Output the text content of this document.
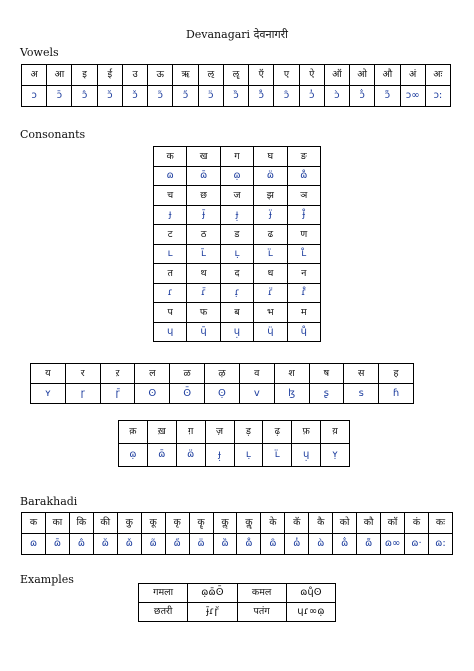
Devanagari देवनागरी
Vowels
अ	आ	इ	ई	उ	ऊ	ऋ	ऌ	ॡ	ऍ	ए	ऐ	ऑ	ओ	औ	अं	अः
ɔ	ɔ̄	ɔ̂	ɔ̆	ɔ̌	ɔ̃	ɔ̋	ɔ̈	ɔ̏	ɔ̊	ɔ̑	ɔ̓	ɔ̀	ɔ̐	ɔ̄̃	ɔ∞	ɔ:
Consonants
क	ख	ग	घ	ङ
ɷ	ɷ̄	ɷ̣	ɷ̈	ɷ̊
च	छ	ज	झ	ञ
ɟ	ɟ̄	ɟ̣	ɟ̈	ɟ̊
ट	ठ	ड	ढ	ण
ʟ	ʟ̄	ʟ̣	ʟ̈	ʟ̊
त	थ	द	ध	न
ɾ	ɾ̄	ɾ̣	ɾ̈	ɾ̊
प	फ	ब	भ	म
ɥ	ɥ̄	ɥ̣	ɥ̈	ɥ̊
य	र	ऱ	ल	ळ	ऴ	व	श	ष	स	ह
ʏ	ɼ	ɼ̄	ʘ	ʘ̄	ʘ̣	ᴠ	ɮ	ʂ	ꜱ	ɦ
क़	ख़	ग़	ज़	ड़	ढ़	फ़	य़
ɷ̣	ɷ̄	ɷ̈	ɟ̣	ʟ̣	ʟ̈	ɥ̣	ʏ̣
Barakhadi
क	का	कि	की	कु	कू	कृ	कॄ	कॢ	कॣ	के	कॅ	कै	को	कौ	कॉ	कं	कः
ɷ	ɷ̄	ɷ̂	ɷ̆	ɷ̌	ɷ̃	ɷ̋	ɷ̈	ɷ̏	ɷ̊	ɷ̑	ɷ̓	ɷ̀	ɷ̐	ɷ̄̃	ɷ∞	ɷ·	ɷ:
Examples
गमला	ɷ̣ɷ̄ʘ̄	कमल	ɷɥ̊ʘ
छतरी	ɟ̄ɾɼ̆	पतंग	ɥɾ∞ɷ̣
